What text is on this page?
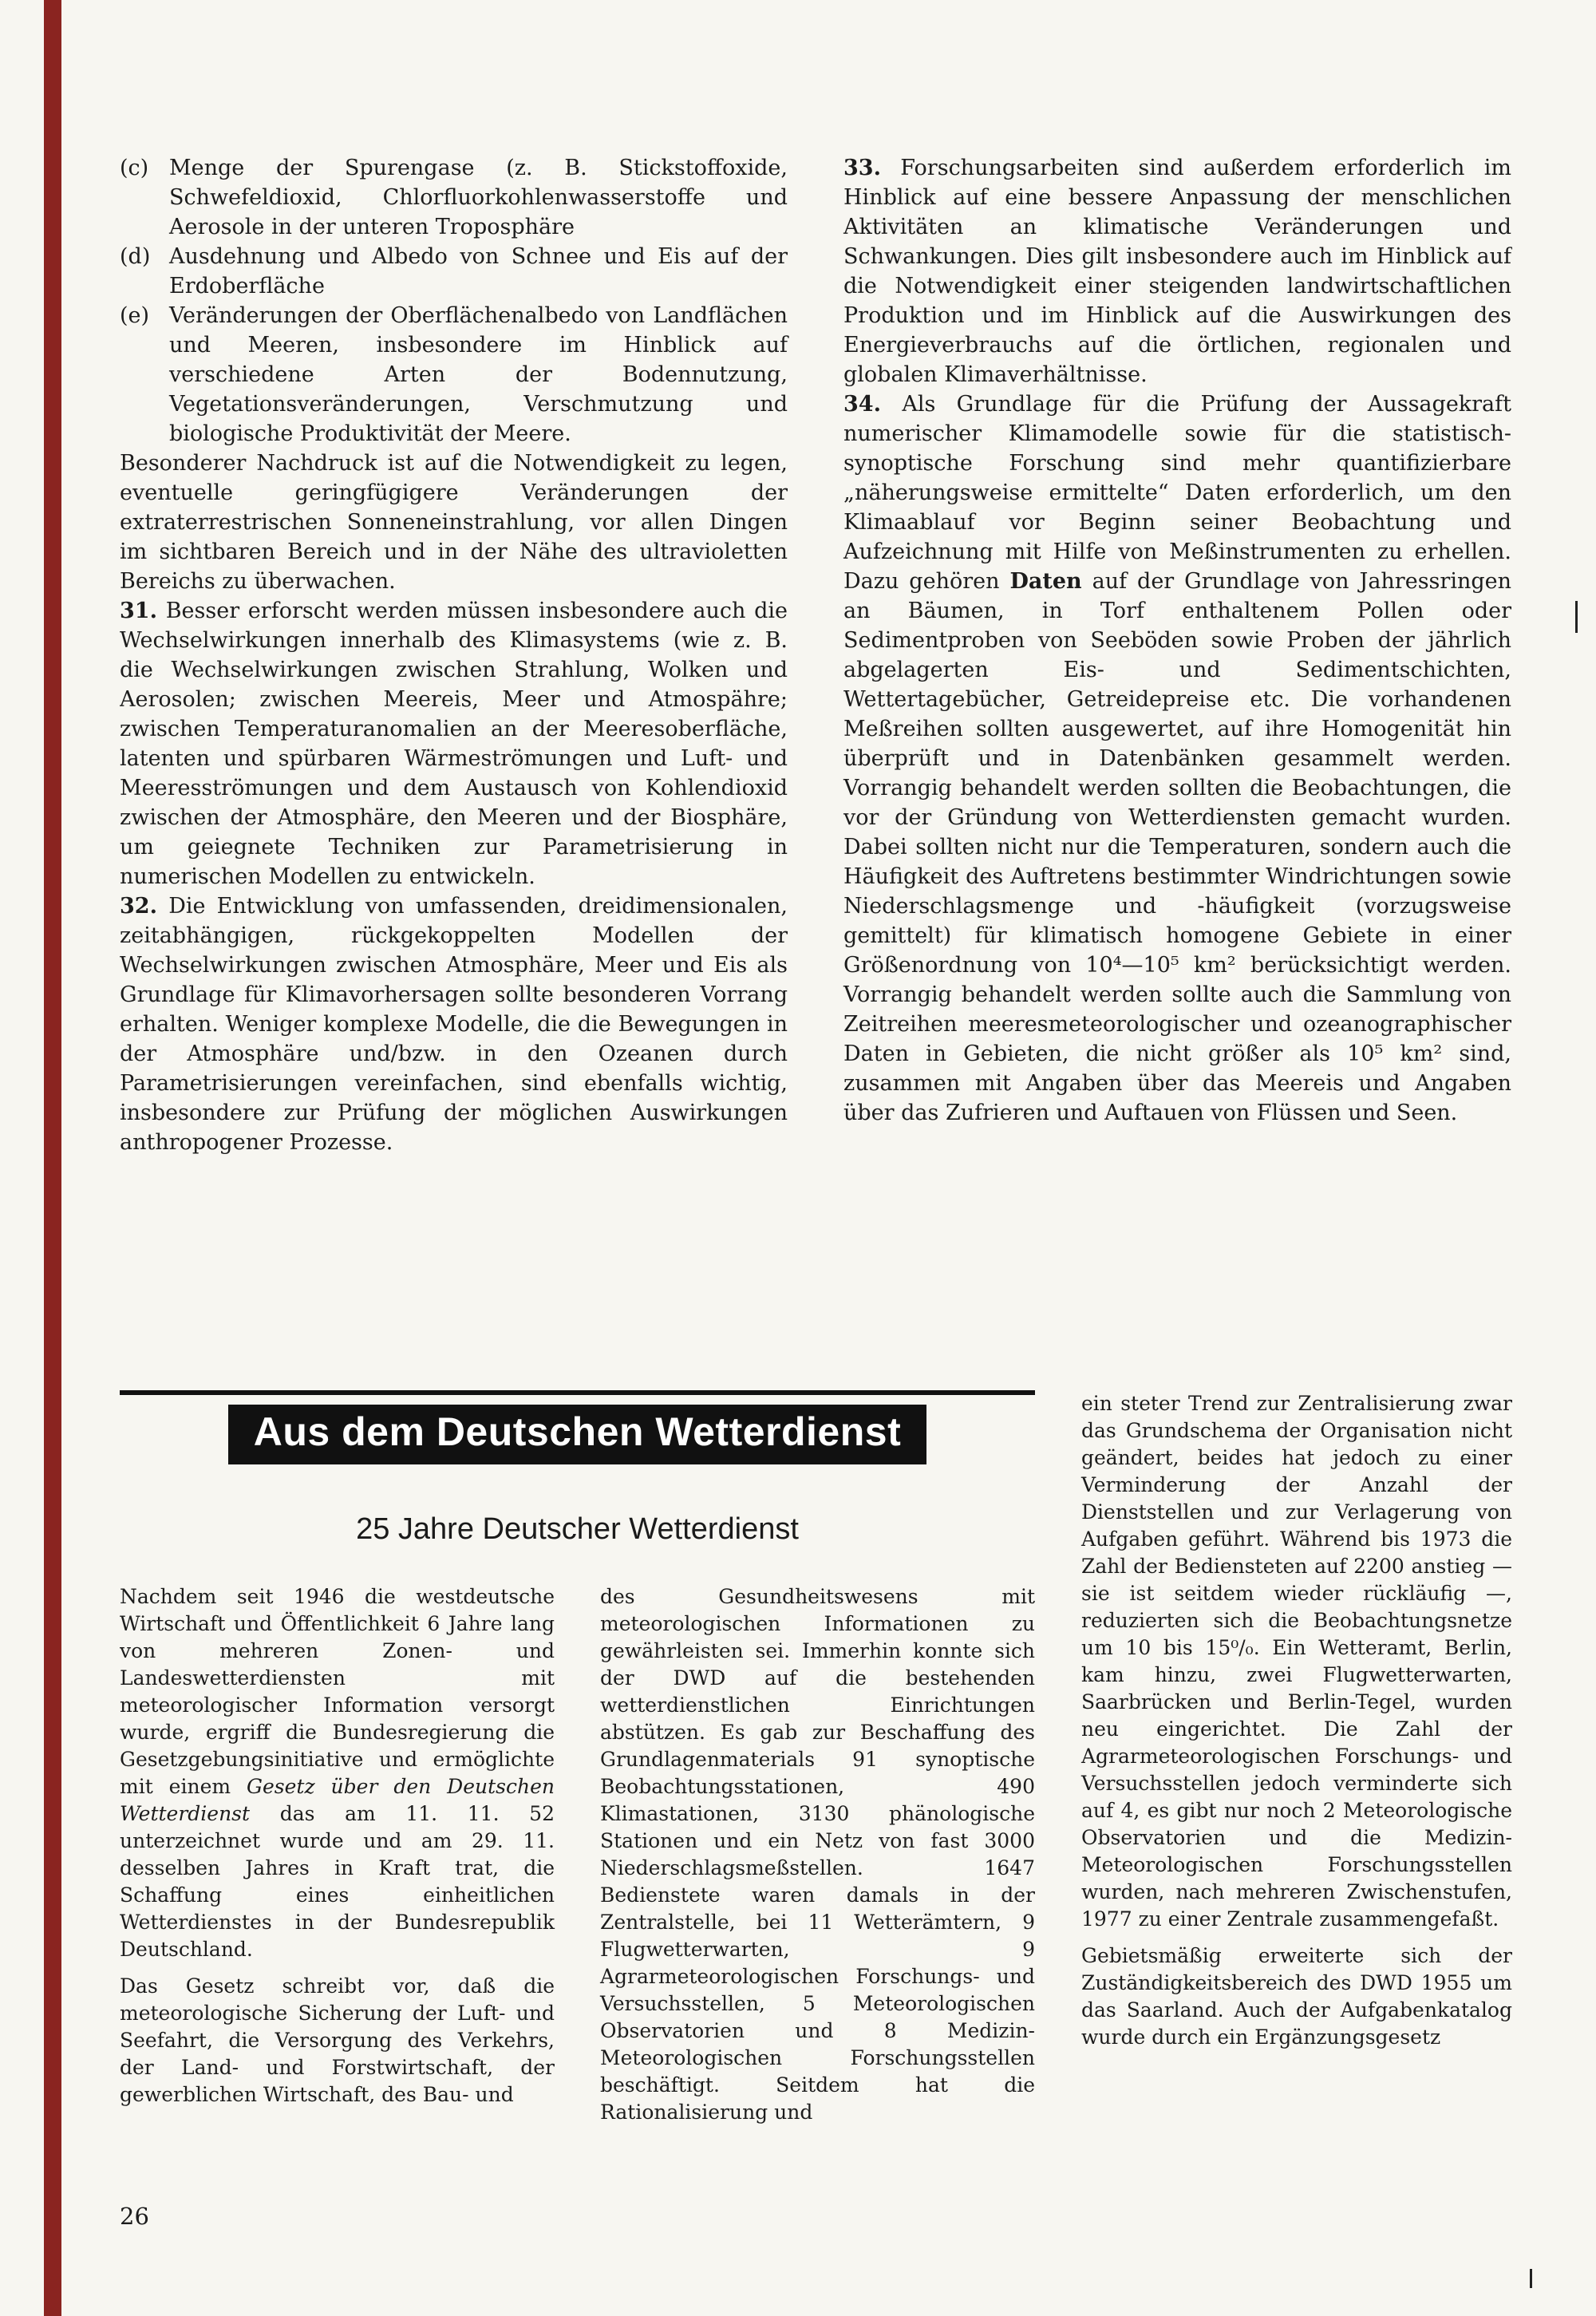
(c) Menge der Spurengase (z. B. Stickstoffoxide, Schwefeldioxid, Chlorfluorkohlenwasserstoffe und Aerosole in der unteren Troposphäre

(d) Ausdehnung und Albedo von Schnee und Eis auf der Erdoberfläche

(e) Veränderungen der Oberflächenalbedo von Landflächen und Meeren, insbesondere im Hinblick auf verschiedene Arten der Bodennutzung, Vegetationsveränderungen, Verschmutzung und biologische Produktivität der Meere.

Besonderer Nachdruck ist auf die Notwendigkeit zu legen, eventuelle geringfügigere Veränderungen der extraterrestrischen Sonneneinstrahlung, vor allen Dingen im sichtbaren Bereich und in der Nähe des ultravioletten Bereichs zu überwachen.

31. Besser erforscht werden müssen insbesondere auch die Wechselwirkungen innerhalb des Klimasystems (wie z. B. die Wechselwirkungen zwischen Strahlung, Wolken und Aerosolen; zwischen Meereis, Meer und Atmospähre; zwischen Temperaturanomalien an der Meeresoberfläche, latenten und spürbaren Wärmeströmungen und Luft- und Meeresströmungen und dem Austausch von Kohlendioxid zwischen der Atmosphäre, den Meeren und der Biosphäre, um geiegnete Techniken zur Parametrisierung in numerischen Modellen zu entwickeln.

32. Die Entwicklung von umfassenden, dreidimensionalen, zeitabhängigen, rückgekoppelten Modellen der Wechselwirkungen zwischen Atmosphäre, Meer und Eis als Grundlage für Klimavorhersagen sollte besonderen Vorrang erhalten. Weniger komplexe Modelle, die die Bewegungen in der Atmosphäre und/bzw. in den Ozeanen durch Parametrisierungen vereinfachen, sind ebenfalls wichtig, insbesondere zur Prüfung der möglichen Auswirkungen anthropogener Prozesse.

33. Forschungsarbeiten sind außerdem erforderlich im Hinblick auf eine bessere Anpassung der menschlichen Aktivitäten an klimatische Veränderungen und Schwankungen. Dies gilt insbesondere auch im Hinblick auf die Notwendigkeit einer steigenden landwirtschaftlichen Produktion und im Hinblick auf die Auswirkungen des Energieverbrauchs auf die örtlichen, regionalen und globalen Klimaverhältnisse.

34. Als Grundlage für die Prüfung der Aussagekraft numerischer Klimamodelle sowie für die statistisch-synoptische Forschung sind mehr quantifizierbare „näherungsweise ermittelte“ Daten erforderlich, um den Klimaablauf vor Beginn seiner Beobachtung und Aufzeichnung mit Hilfe von Meßinstrumenten zu erhellen. Dazu gehören Daten auf der Grundlage von Jahressringen an Bäumen, in Torf enthaltenem Pollen oder Sedimentproben von Seeböden sowie Proben der jährlich abgelagerten Eis- und Sedimentschichten, Wettertagebücher, Getreidepreise etc. Die vorhandenen Meßreihen sollten ausgewertet, auf ihre Homogenität hin überprüft und in Datenbänken gesammelt werden. Vorrangig behandelt werden sollten die Beobachtungen, die vor der Gründung von Wetterdiensten gemacht wurden. Dabei sollten nicht nur die Temperaturen, sondern auch die Häufigkeit des Auftretens bestimmter Windrichtungen sowie Niederschlagsmenge und -häufigkeit (vorzugsweise gemittelt) für klimatisch homogene Gebiete in einer Größenordnung von 10⁴—10⁵ km² berücksichtigt werden. Vorrangig behandelt werden sollte auch die Sammlung von Zeitreihen meeresmeteorologischer und ozeanographischer Daten in Gebieten, die nicht größer als 10⁵ km² sind, zusammen mit Angaben über das Meereis und Angaben über das Zufrieren und Auftauen von Flüssen und Seen.

Aus dem Deutschen Wetterdienst
25 Jahre Deutscher Wetterdienst

Nachdem seit 1946 die westdeutsche Wirtschaft und Öffentlichkeit 6 Jahre lang von mehreren Zonen- und Landeswetterdiensten mit meteorologischer Information versorgt wurde, ergriff die Bundesregierung die Gesetzgebungsinitiative und ermöglichte mit einem Gesetz über den Deutschen Wetterdienst das am 11. 11. 52 unterzeichnet wurde und am 29. 11. desselben Jahres in Kraft trat, die Schaffung eines einheitlichen Wetterdienstes in der Bundesrepublik Deutschland.

Das Gesetz schreibt vor, daß die meteorologische Sicherung der Luft- und Seefahrt, die Versorgung des Verkehrs, der Land- und Forstwirtschaft, der gewerblichen Wirtschaft, des Bau- und

des Gesundheitswesens mit meteorologischen Informationen zu gewährleisten sei. Immerhin konnte sich der DWD auf die bestehenden wetterdienstlichen Einrichtungen abstützen. Es gab zur Beschaffung des Grundlagenmaterials 91 synoptische Beobachtungsstationen, 490 Klimastationen, 3130 phänologische Stationen und ein Netz von fast 3000 Niederschlagsmeßstellen. 1647 Bedienstete waren damals in der Zentralstelle, bei 11 Wetterämtern, 9 Flugwetterwarten, 9 Agrarmeteorologischen Forschungs- und Versuchsstellen, 5 Meteorologischen Observatorien und 8 Medizin-Meteorologischen Forschungsstellen beschäftigt. Seitdem hat die Rationalisierung und

ein steter Trend zur Zentralisierung zwar das Grundschema der Organisation nicht geändert, beides hat jedoch zu einer Verminderung der Anzahl der Dienststellen und zur Verlagerung von Aufgaben geführt. Während bis 1973 die Zahl der Bediensteten auf 2200 anstieg — sie ist seitdem wieder rückläufig —, reduzierten sich die Beobachtungsnetze um 10 bis 15⁰/₀. Ein Wetteramt, Berlin, kam hinzu, zwei Flugwetterwarten, Saarbrücken und Berlin-Tegel, wurden neu eingerichtet. Die Zahl der Agrarmeteorologischen Forschungs- und Versuchsstellen jedoch verminderte sich auf 4, es gibt nur noch 2 Meteorologische Observatorien und die Medizin-Meteorologischen Forschungsstellen wurden, nach mehreren Zwischenstufen, 1977 zu einer Zentrale zusammengefaßt.

Gebietsmäßig erweiterte sich der Zuständigkeitsbereich des DWD 1955 um das Saarland. Auch der Aufgabenkatalog wurde durch ein Ergänzungsgesetz

26
